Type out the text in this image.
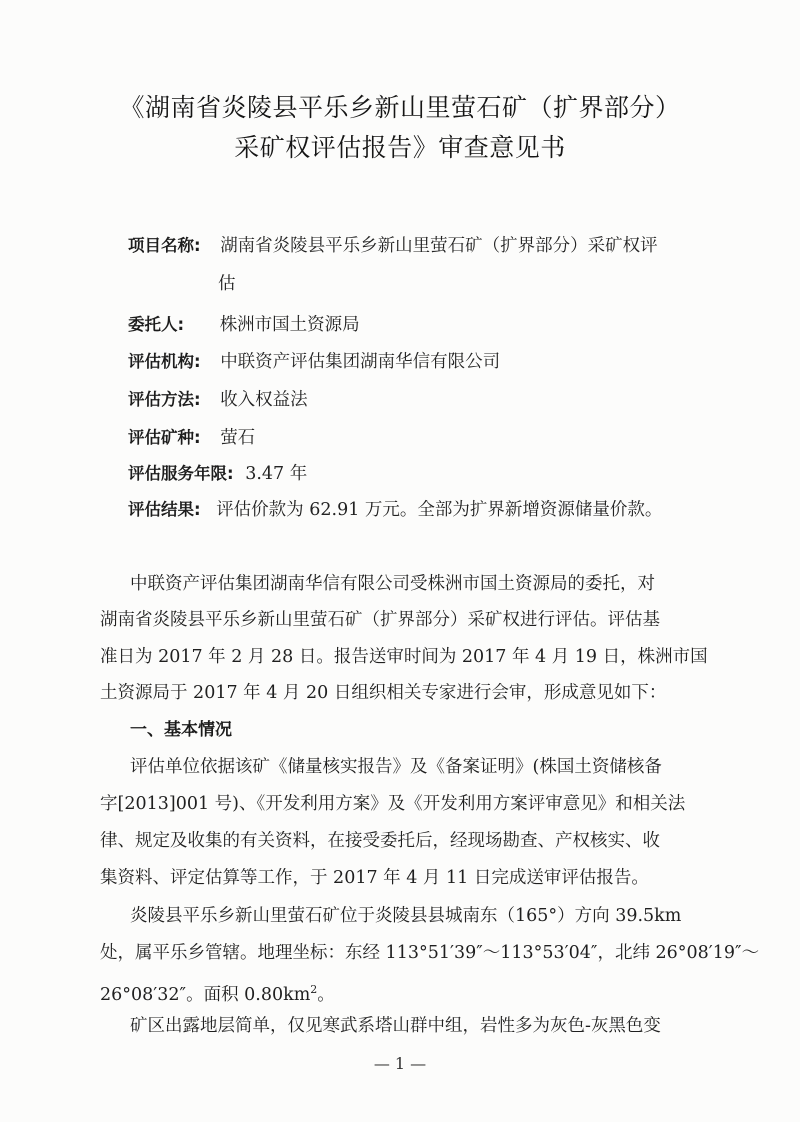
《湖南省炎陵县平乐乡新山里萤石矿（扩界部分）
采矿权评估报告》审查意见书
项目名称: 湖南省炎陵县平乐乡新山里萤石矿（扩界部分）采矿权评
估
委托人: 株洲市国土资源局
评估机构: 中联资产评估集团湖南华信有限公司
评估方法: 收入权益法
评估矿种: 萤石
评估服务年限: 3.47 年
评估结果: 评估价款为 62.91 万元。全部为扩界新增资源储量价款。
中联资产评估集团湖南华信有限公司受株洲市国土资源局的委托，对
湖南省炎陵县平乐乡新山里萤石矿（扩界部分）采矿权进行评估。评估基
准日为 2017 年 2 月 28 日。报告送审时间为 2017 年 4 月 19 日，株洲市国
土资源局于 2017 年 4 月 20 日组织相关专家进行会审，形成意见如下：
一、基本情况
评估单位依据该矿《储量核实报告》及《备案证明》(株国土资储核备
字[2013]001 号)、《开发利用方案》及《开发利用方案评审意见》和相关法
律、规定及收集的有关资料，在接受委托后，经现场勘查、产权核实、收
集资料、评定估算等工作，于 2017 年 4 月 11 日完成送审评估报告。
炎陵县平乐乡新山里萤石矿位于炎陵县县城南东（165°）方向 39.5km
处，属平乐乡管辖。地理坐标：东经 113°51′39″～113°53′04″，北纬 26°08′19″～
26°08′32″。面积 $0.80km^2$。
矿区出露地层简单，仅见寒武系塔山群中组，岩性多为灰色-灰黑色变
— 1 —
